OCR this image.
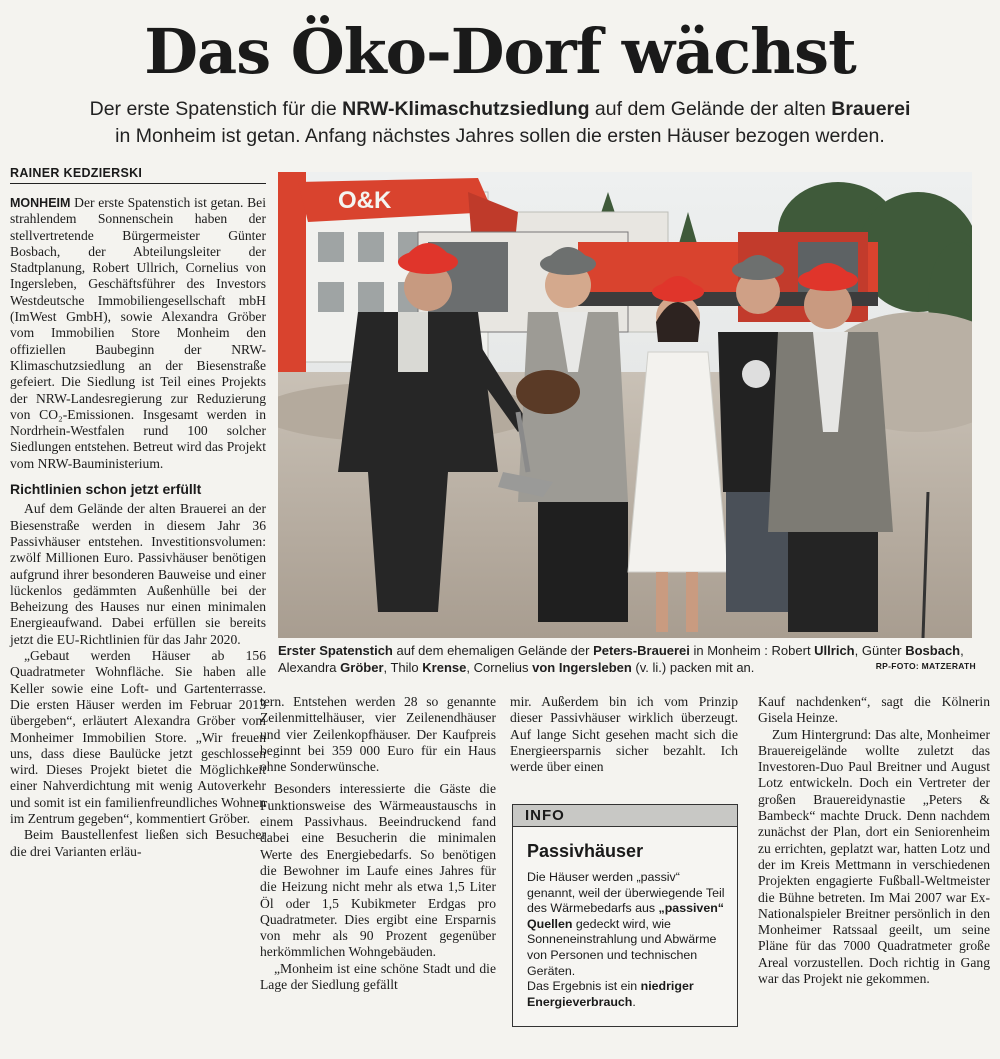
Das Öko-Dorf wächst
Der erste Spatenstich für die NRW-Klimaschutzsiedlung auf dem Gelände der alten Brauerei
in Monheim ist getan. Anfang nächstes Jahres sollen die ersten Häuser bezogen werden.
RAINER KEDZIERSKI

MONHEIM Der erste Spatenstich ist getan. Bei strahlendem Sonnenschein haben der stellvertretende Bürgermeister Günter Bosbach, der Abteilungsleiter der Stadtplanung, Robert Ullrich, Cornelius von Ingersleben, Geschäftsführer des Investors Westdeutsche Immobiliengesellschaft mbH (ImWest GmbH), sowie Alexandra Gröber vom Immobilien Store Monheim den offiziellen Baubeginn der NRW-Klimaschutzsiedlung an der Biesenstraße gefeiert. Die Siedlung ist Teil eines Projekts der NRW-Landesregierung zur Reduzierung von CO₂-Emissionen. Insgesamt werden in Nordrhein-Westfalen rund 100 solcher Siedlungen entstehen. Betreut wird das Projekt vom NRW-Bauministerium.

Richtlinien schon jetzt erfüllt

Auf dem Gelände der alten Brauerei an der Biesenstraße werden in diesem Jahr 36 Passivhäuser entstehen. Investitionsvolumen: zwölf Millionen Euro. Passivhäuser benötigen aufgrund ihrer besonderen Bauweise und einer lückenlos gedämmten Außenhülle bei der Beheizung des Hauses nur einen minimalen Energieaufwand. Dabei erfüllen sie bereits jetzt die EU-Richtlinien für das Jahr 2020.

„Gebaut werden Häuser ab 156 Quadratmeter Wohnfläche. Sie haben alle Keller sowie eine Loft- und Gartenterrasse. Die ersten Häuser werden im Februar 2013 übergeben“, erläutert Alexandra Gröber vom Monheimer Immobilien Store. „Wir freuen uns, dass diese Baulücke jetzt geschlossen wird. Dieses Projekt bietet die Möglichkeit einer Nahverdichtung mit wenig Autoverkehr und somit ist ein familienfreundliches Wohnen im Zentrum gegeben“, kommentiert Gröber.

Beim Baustellenfest ließen sich Besucher die drei Varianten erläu-

O&K
Erster Spatenstich auf dem ehemaligen Gelände der Peters-Brauerei in Monheim : Robert Ullrich, Günter Bosbach,
Alexandra Gröber, Thilo Krense, Cornelius von Ingersleben (v. li.) packen mit an.	RP-FOTO: MATZERATH

tern. Entstehen werden 28 so genannte Zeilenmittelhäuser, vier Zeilenendhäuser und vier Zeilenkopfhäuser. Der Kaufpreis beginnt bei 359 000 Euro für ein Haus ohne Sonderwünsche.

Besonders interessierte die Gäste die Funktionsweise des Wärmeaustauschs in einem Passivhaus. Beeindruckend fand dabei eine Besucherin die minimalen Werte des Energiebedarfs. So benötigen die Bewohner im Laufe eines Jahres für die Heizung nicht mehr als etwa 1,5 Liter Öl oder 1,5 Kubikmeter Erdgas pro Quadratmeter. Dies ergibt eine Ersparnis von mehr als 90 Prozent gegenüber herkömmlichen Wohngebäuden.

„Monheim ist eine schöne Stadt und die Lage der Siedlung gefällt

mir. Außerdem bin ich vom Prinzip dieser Passivhäuser wirklich überzeugt. Auf lange Sicht gesehen macht sich die Energieersparnis sicher bezahlt. Ich werde über einen

INFO
Passivhäuser

Die Häuser werden „passiv“ genannt, weil der überwiegende Teil des Wärmebedarfs aus „passiven“ Quellen gedeckt wird, wie Sonneneinstrahlung und Abwärme von Personen und technischen Geräten.

Das Ergebnis ist ein niedriger Energieverbrauch.

Kauf nachdenken“, sagt die Kölnerin Gisela Heinze.

Zum Hintergrund: Das alte, Monheimer Brauereigelände wollte zuletzt das Investoren-Duo Paul Breitner und August Lotz entwickeln. Doch ein Vertreter der großen Brauereidynastie „Peters & Bambeck“ machte Druck. Denn nachdem zunächst der Plan, dort ein Seniorenheim zu errichten, geplatzt war, hatten Lotz und der im Kreis Mettmann in verschiedenen Projekten engagierte Fußball-Weltmeister die Bühne betreten. Im Mai 2007 war Ex-Nationalspieler Breitner persönlich in den Monheimer Ratssaal geeilt, um seine Pläne für das 7000 Quadratmeter große Areal vorzustellen. Doch richtig in Gang war das Projekt nie gekommen.
